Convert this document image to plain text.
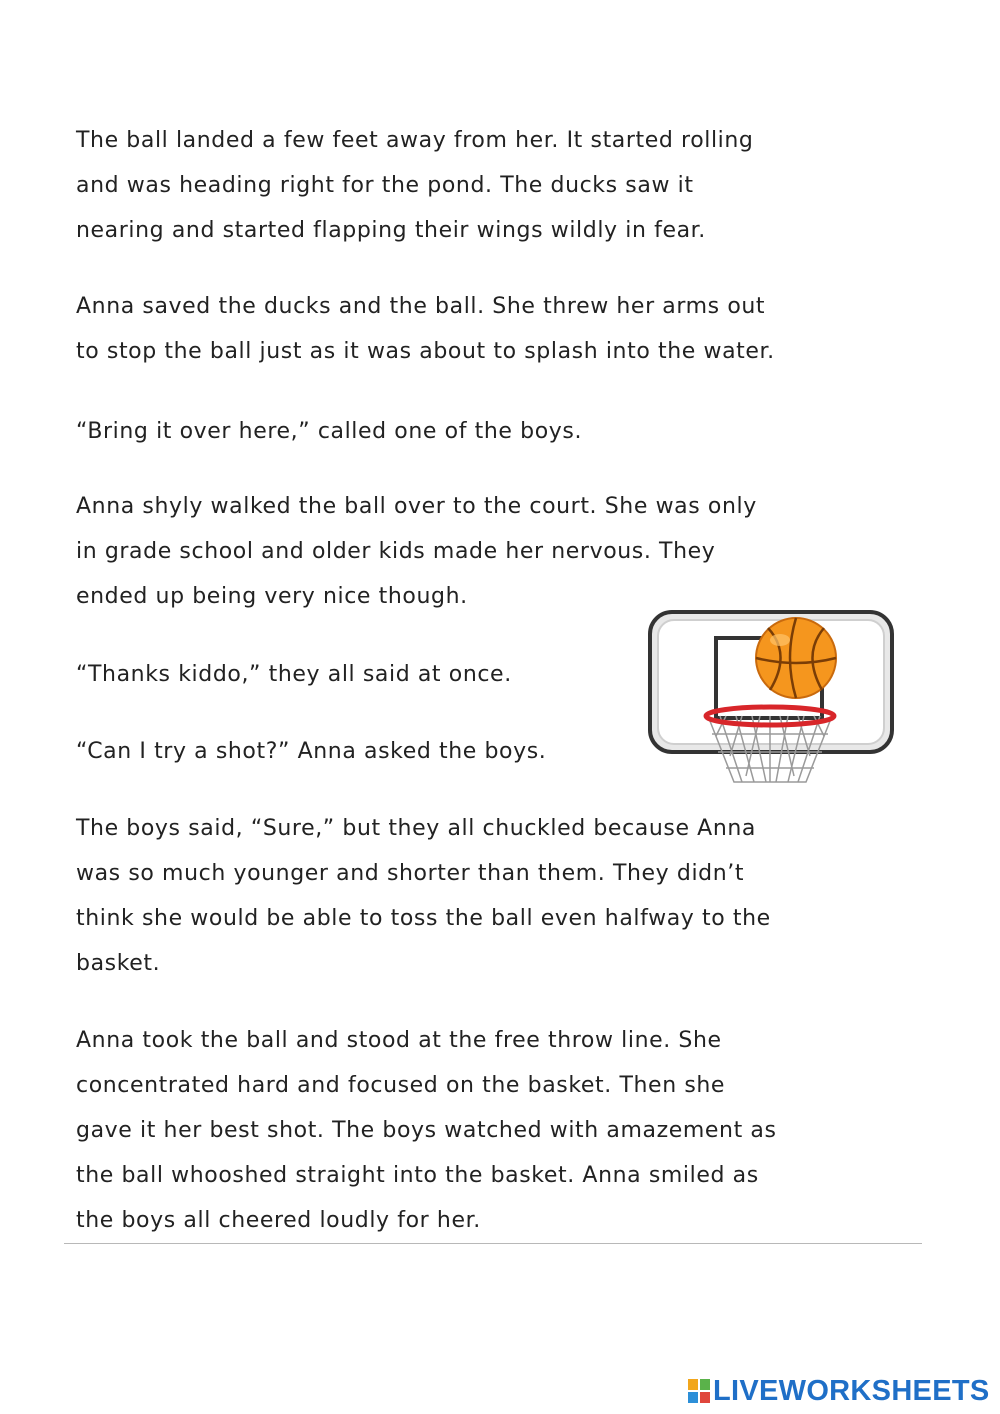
The ball landed a few feet away from her. It started rolling
and was heading right for the pond. The ducks saw it
nearing and started flapping their wings wildly in fear.
Anna saved the ducks and the ball. She threw her arms out
to stop the ball just as it was about to splash into the water.
“Bring it over here,” called one of the boys.
Anna shyly walked the ball over to the court. She was only
in grade school and older kids made her nervous. They
ended up being very nice though.
“Thanks kiddo,” they all said at once.
“Can I try a shot?” Anna asked the boys.
The boys said, “Sure,” but they all chuckled because Anna
was so much younger and shorter than them. They didn’t
think she would be able to toss the ball even halfway to the
basket.
Anna took the ball and stood at the free throw line. She
concentrated hard and focused on the basket. Then she
gave it her best shot. The boys watched with amazement as
the ball whooshed straight into the basket. Anna smiled as
the boys all cheered loudly for her.
LIVEWORKSHEETS
